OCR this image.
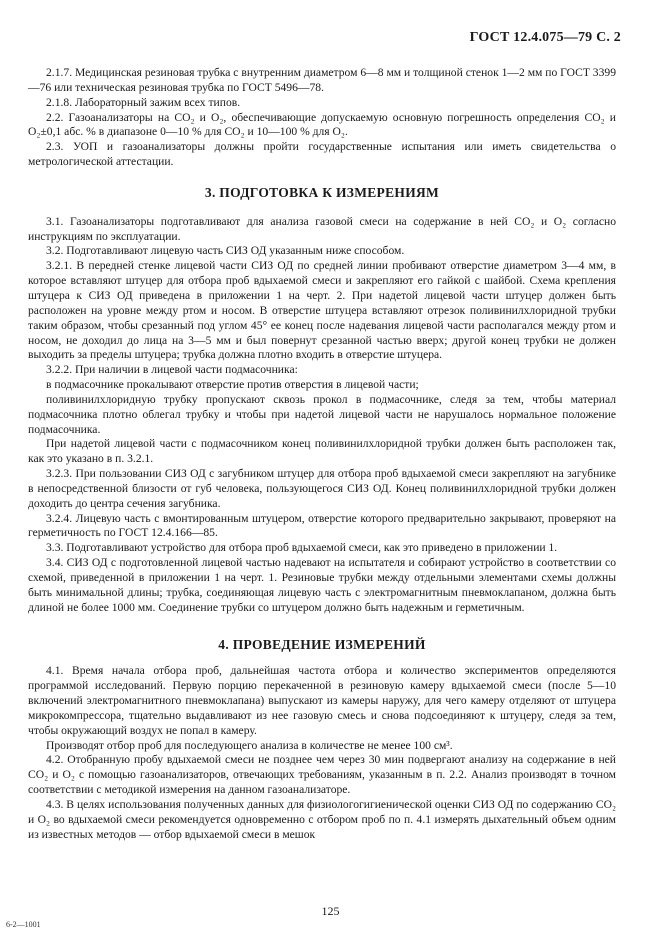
ГОСТ 12.4.075—79 С. 2

2.1.7. Медицинская резиновая трубка с внутренним диаметром 6—8 мм и толщиной стенок 1—2 мм по ГОСТ 3399—76 или техническая резиновая трубка по ГОСТ 5496—78.

2.1.8. Лабораторный зажим всех типов.

2.2. Газоанализаторы на CO₂ и O₂, обеспечивающие допускаемую основную погрешность определения CO₂ и O₂±0,1 абс. % в диапазоне 0—10 % для CO₂ и 10—100 % для O₂.

2.3. УОП и газоанализаторы должны пройти государственные испытания или иметь свидетельства о метрологической аттестации.

3. ПОДГОТОВКА К ИЗМЕРЕНИЯМ

3.1. Газоанализаторы подготавливают для анализа газовой смеси на содержание в ней CO₂ и O₂ согласно инструкциям по эксплуатации.

3.2. Подготавливают лицевую часть СИЗ ОД указанным ниже способом.

3.2.1. В передней стенке лицевой части СИЗ ОД по средней линии пробивают отверстие диаметром 3—4 мм, в которое вставляют штуцер для отбора проб вдыхаемой смеси и закрепляют его гайкой с шайбой. Схема крепления штуцера к СИЗ ОД приведена в приложении 1 на черт. 2. При надетой лицевой части штуцер должен быть расположен на уровне между ртом и носом. В отверстие штуцера вставляют отрезок поливинилхлоридной трубки таким образом, чтобы срезанный под углом 45° ее конец после надевания лицевой части располагался между ртом и носом, не доходил до лица на 3—5 мм и был повернут срезанной частью вверх; другой конец трубки не должен выходить за пределы штуцера; трубка должна плотно входить в отверстие штуцера.

3.2.2. При наличии в лицевой части подмасочника:

в подмасочнике прокалывают отверстие против отверстия в лицевой части;

поливинилхлоридную трубку пропускают сквозь прокол в подмасочнике, следя за тем, чтобы материал подмасочника плотно облегал трубку и чтобы при надетой лицевой части не нарушалось нормальное положение подмасочника.

При надетой лицевой части с подмасочником конец поливинилхлоридной трубки должен быть расположен так, как это указано в п. 3.2.1.

3.2.3. При пользовании СИЗ ОД с загубником штуцер для отбора проб вдыхаемой смеси закрепляют на загубнике в непосредственной близости от губ человека, пользующегося СИЗ ОД. Конец поливинилхлоридной трубки должен доходить до центра сечения загубника.

3.2.4. Лицевую часть с вмонтированным штуцером, отверстие которого предварительно закрывают, проверяют на герметичность по ГОСТ 12.4.166—85.

3.3. Подготавливают устройство для отбора проб вдыхаемой смеси, как это приведено в приложении 1.

3.4. СИЗ ОД с подготовленной лицевой частью надевают на испытателя и собирают устройство в соответствии со схемой, приведенной в приложении 1 на черт. 1. Резиновые трубки между отдельными элементами схемы должны быть минимальной длины; трубка, соединяющая лицевую часть с электромагнитным пневмоклапаном, должна быть длиной не более 1000 мм. Соединение трубки со штуцером должно быть надежным и герметичным.

4. ПРОВЕДЕНИЕ ИЗМЕРЕНИЙ

4.1. Время начала отбора проб, дальнейшая частота отбора и количество экспериментов определяются программой исследований. Первую порцию перекаченной в резиновую камеру вдыхаемой смеси (после 5—10 включений электромагнитного пневмоклапана) выпускают из камеры наружу, для чего камеру отделяют от штуцера микрокомпрессора, тщательно выдавливают из нее газовую смесь и снова подсоединяют к штуцеру, следя за тем, чтобы окружающий воздух не попал в камеру.

Производят отбор проб для последующего анализа в количестве не менее 100 см³.

4.2. Отобранную пробу вдыхаемой смеси не позднее чем через 30 мин подвергают анализу на содержание в ней CO₂ и O₂ с помощью газоанализаторов, отвечающих требованиям, указанным в п. 2.2. Анализ производят в точном соответствии с методикой измерения на данном газоанализаторе.

4.3. В целях использования полученных данных для физиологогигиенической оценки СИЗ ОД по содержанию CO₂ и O₂ во вдыхаемой смеси рекомендуется одновременно с отбором проб по п. 4.1 измерять дыхательный объем одним из известных методов — отбор вдыхаемой смеси в мешок

125
6-2—1001
